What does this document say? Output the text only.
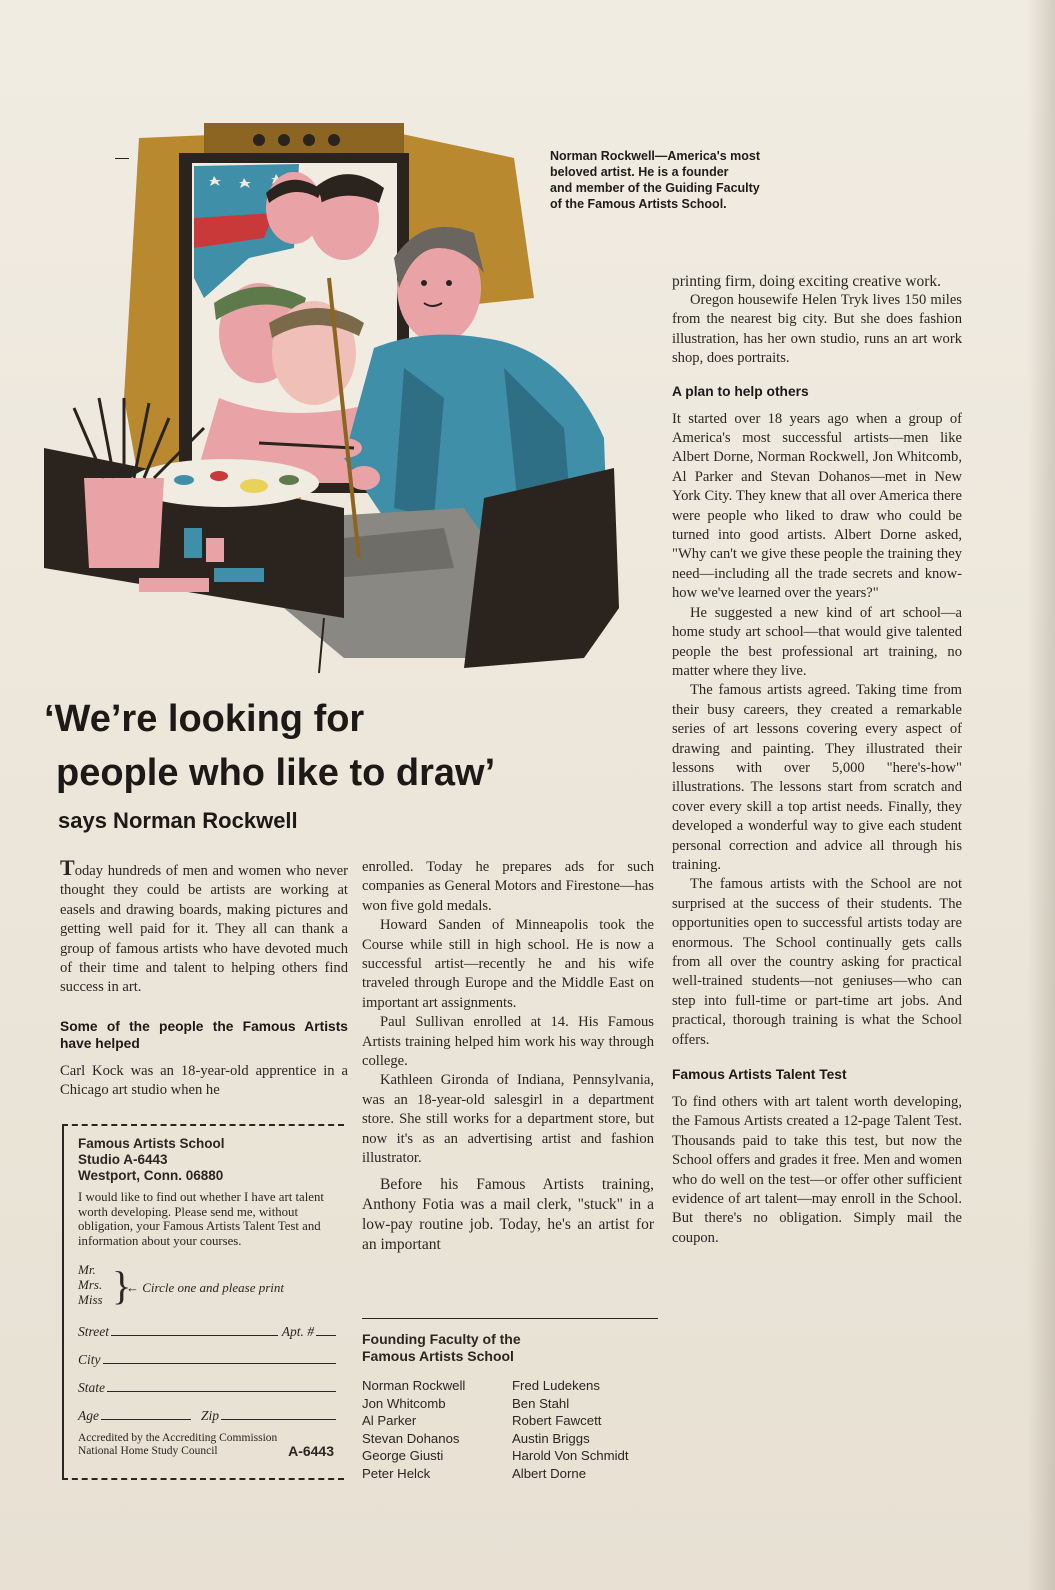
Norman Rockwell—America's most
beloved artist. He is a founder
and member of the Guiding Faculty
of the Famous Artists School.
‘We’re looking for
people who like to draw’
says Norman Rockwell

Today hundreds of men and women who never thought they could be artists are working at easels and drawing boards, making pictures and getting well paid for it. They all can thank a group of famous artists who have devoted much of their time and talent to helping others find success in art.

Some of the people the Famous Artists have helped

Carl Kock was an 18-year-old apprentice in a Chicago art studio when he

Famous Artists School
Studio A-6443
Westport, Conn. 06880
I would like to find out whether I have art talent worth developing. Please send me, without obligation, your Famous Artists Talent Test and information about your courses.
Mr.
Mrs.
Miss }
← Circle one and please print
Street	Apt. #
City
State
Age	Zip
Accredited by the Accrediting Commission
National Home Study Council	A-6443

enrolled. Today he prepares ads for such companies as General Motors and Firestone—has won five gold medals.

Howard Sanden of Minneapolis took the Course while still in high school. He is now a successful artist—recently he and his wife traveled through Europe and the Middle East on important art assignments.

Paul Sullivan enrolled at 14. His Famous Artists training helped him work his way through college.

Kathleen Gironda of Indiana, Pennsylvania, was an 18-year-old salesgirl in a department store. She still works for a department store, but now it's as an advertising artist and fashion illustrator.

Before his Famous Artists training, Anthony Fotia was a mail clerk, "stuck" in a low-pay routine job. Today, he's an artist for an important

Founding Faculty of the
Famous Artists School
Norman Rockwell	Fred Ludekens
Jon Whitcomb	Ben Stahl
Al Parker	Robert Fawcett
Stevan Dohanos	Austin Briggs
George Giusti	Harold Von Schmidt
Peter Helck	Albert Dorne

printing firm, doing exciting creative work.

Oregon housewife Helen Tryk lives 150 miles from the nearest big city. But she does fashion illustration, has her own studio, runs an art work shop, does portraits.

A plan to help others

It started over 18 years ago when a group of America's most successful artists—men like Albert Dorne, Norman Rockwell, Jon Whitcomb, Al Parker and Stevan Dohanos—met in New York City. They knew that all over America there were people who liked to draw who could be turned into good artists. Albert Dorne asked, "Why can't we give these people the training they need—including all the trade secrets and know-how we've learned over the years?"

He suggested a new kind of art school—a home study art school—that would give talented people the best professional art training, no matter where they live.

The famous artists agreed. Taking time from their busy careers, they created a remarkable series of art lessons covering every aspect of drawing and painting. They illustrated their lessons with over 5,000 "here's-how" illustrations. The lessons start from scratch and cover every skill a top artist needs. Finally, they developed a wonderful way to give each student personal correction and advice all through his training.

The famous artists with the School are not surprised at the success of their students. The opportunities open to successful artists today are enormous. The School continually gets calls from all over the country asking for practical well-trained students—not geniuses—who can step into full-time or part-time art jobs. And practical, thorough training is what the School offers.

Famous Artists Talent Test

To find others with art talent worth developing, the Famous Artists created a 12-page Talent Test. Thousands paid to take this test, but now the School offers and grades it free. Men and women who do well on the test—or offer other sufficient evidence of art talent—may enroll in the School. But there's no obligation. Simply mail the coupon.
